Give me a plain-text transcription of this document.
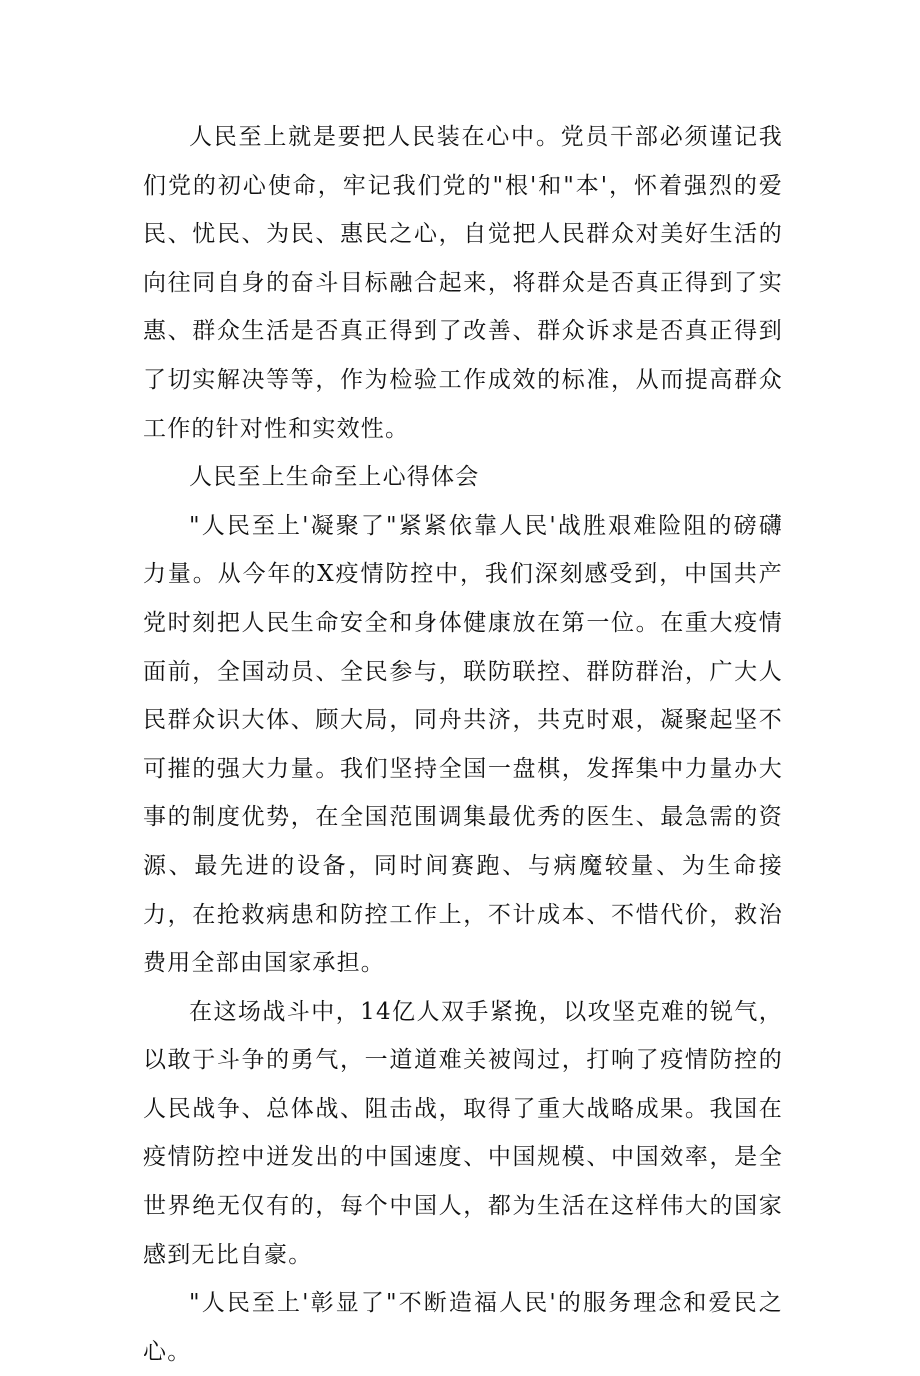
人民至上就是要把人民装在心中。党员干部必须谨记我们党的初心使命，牢记我们党的"根'和"本'，怀着强烈的爱民、忧民、为民、惠民之心，自觉把人民群众对美好生活的向往同自身的奋斗目标融合起来，将群众是否真正得到了实惠、群众生活是否真正得到了改善、群众诉求是否真正得到了切实解决等等，作为检验工作成效的标准，从而提高群众工作的针对性和实效性。

人民至上生命至上心得体会

"人民至上'凝聚了"紧紧依靠人民'战胜艰难险阻的磅礴力量。从今年的X疫情防控中，我们深刻感受到，中国共产党时刻把人民生命安全和身体健康放在第一位。在重大疫情面前，全国动员、全民参与，联防联控、群防群治，广大人民群众识大体、顾大局，同舟共济，共克时艰，凝聚起坚不可摧的强大力量。我们坚持全国一盘棋，发挥集中力量办大事的制度优势，在全国范围调集最优秀的医生、最急需的资源、最先进的设备，同时间赛跑、与病魔较量、为生命接力，在抢救病患和防控工作上，不计成本、不惜代价，救治费用全部由国家承担。

在这场战斗中，14亿人双手紧挽，以攻坚克难的锐气，以敢于斗争的勇气，一道道难关被闯过，打响了疫情防控的人民战争、总体战、阻击战，取得了重大战略成果。我国在疫情防控中迸发出的中国速度、中国规模、中国效率，是全世界绝无仅有的，每个中国人，都为生活在这样伟大的国家感到无比自豪。

"人民至上'彰显了"不断造福人民'的服务理念和爱民之心。
